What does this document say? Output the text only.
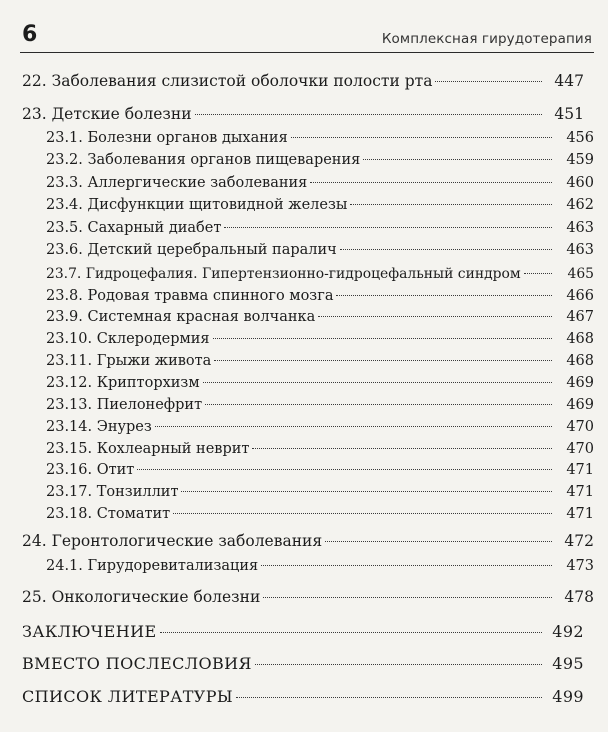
6	Комплексная гирудотерапия
22. Заболевания слизистой оболочки полости рта	447
23. Детские болезни	451
23.1. Болезни органов дыхания	456
23.2. Заболевания органов пищеварения	459
23.3. Аллергические заболевания	460
23.4. Дисфункции щитовидной железы	462
23.5. Сахарный диабет	463
23.6. Детский церебральный паралич	463
23.7. Гидроцефалия. Гипертензионно-гидроцефальный синдром	465
23.8. Родовая травма спинного мозга	466
23.9. Системная красная волчанка	467
23.10. Склеродермия	468
23.11. Грыжи живота	468
23.12. Крипторхизм	469
23.13. Пиелонефрит	469
23.14. Энурез	470
23.15. Кохлеарный неврит	470
23.16. Отит	471
23.17. Тонзиллит	471
23.18. Стоматит	471
24. Геронтологические заболевания	472
24.1. Гирудоревитализация	473
25. Онкологические болезни	478
ЗАКЛЮЧЕНИЕ	492
ВМЕСТО ПОСЛЕСЛОВИЯ	495
СПИСОК ЛИТЕРАТУРЫ	499
